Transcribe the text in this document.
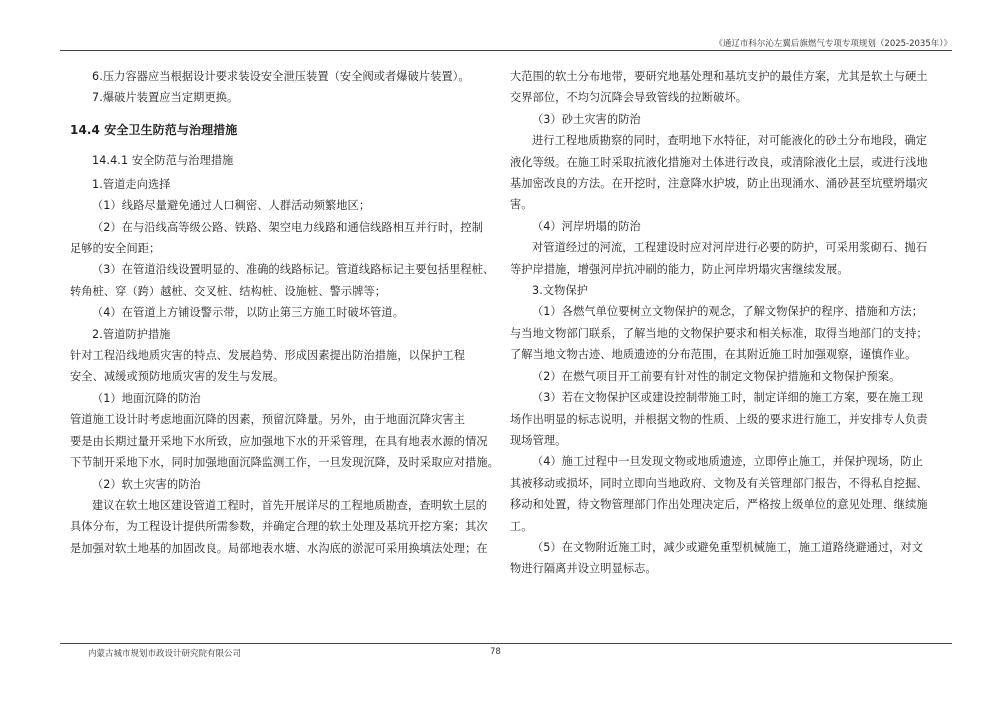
《通辽市科尔沁左翼后旗燃气专项专项规划（2025-2035年）》

6.压力容器应当根据设计要求装设安全泄压装置（安全阀或者爆破片装置）。

7.爆破片装置应当定期更换。

14.4 安全卫生防范与治理措施

14.4.1 安全防范与治理措施

1.管道走向选择

（1）线路尽量避免通过人口稠密、人群活动频繁地区；

（2）在与沿线高等级公路、铁路、架空电力线路和通信线路相互并行时，控制

足够的安全间距；

（3）在管道沿线设置明显的、准确的线路标记。管道线路标记主要包括里程桩、

转角桩、穿（跨）越桩、交叉桩、结构桩、设施桩、警示牌等；

（4）在管道上方铺设警示带，以防止第三方施工时破坏管道。

2.管道防护措施

针对工程沿线地质灾害的特点、发展趋势、形成因素提出防治措施，以保护工程

安全、减缓或预防地质灾害的发生与发展。

（1）地面沉降的防治

管道施工设计时考虑地面沉降的因素，预留沉降量。另外，由于地面沉降灾害主

要是由长期过量开采地下水所致，应加强地下水的开采管理，在具有地表水源的情况

下节制开采地下水，同时加强地面沉降监测工作，一旦发现沉降，及时采取应对措施。

（2）软土灾害的防治

建议在软土地区建设管道工程时，首先开展详尽的工程地质勘查，查明软土层的

具体分布，为工程设计提供所需参数，并确定合理的软土处理及基坑开挖方案；其次

是加强对软土地基的加固改良。局部地表水塘、水沟底的淤泥可采用换填法处理；在

大范围的软土分布地带，要研究地基处理和基坑支护的最佳方案，尤其是软土与硬土

交界部位，不均匀沉降会导致管线的拉断破坏。

（3）砂土灾害的防治

进行工程地质勘察的同时，查明地下水特征，对可能液化的砂土分布地段，确定

液化等级。在施工时采取抗液化措施对土体进行改良，或清除液化土层，或进行浅地

基加密改良的方法。在开挖时，注意降水护坡，防止出现涌水、涌砂甚至坑壁坍塌灾

害。

（4）河岸坍塌的防治

对管道经过的河流，工程建设时应对河岸进行必要的防护，可采用浆砌石、抛石

等护岸措施，增强河岸抗冲刷的能力，防止河岸坍塌灾害继续发展。

3.文物保护

（1）各燃气单位要树立文物保护的观念，了解文物保护的程序、措施和方法；

与当地文物部门联系，了解当地的文物保护要求和相关标准，取得当地部门的支持；

了解当地文物古迹、地质遗迹的分布范围，在其附近施工时加强观察，谨慎作业。

（2）在燃气项目开工前要有针对性的制定文物保护措施和文物保护预案。

（3）若在文物保护区或建设控制带施工时，制定详细的施工方案，要在施工现

场作出明显的标志说明，并根据文物的性质、上级的要求进行施工，并安排专人负责

现场管理。

（4）施工过程中一旦发现文物或地质遗迹，立即停止施工，并保护现场，防止

其被移动或损坏，同时立即向当地政府、文物及有关管理部门报告，不得私自挖掘、

移动和处置，待文物管理部门作出处理决定后，严格按上级单位的意见处理、继续施

工。

（5）在文物附近施工时，减少或避免重型机械施工，施工道路绕避通过，对文

物进行隔离并设立明显标志。

内蒙古城市规划市政设计研究院有限公司	78
